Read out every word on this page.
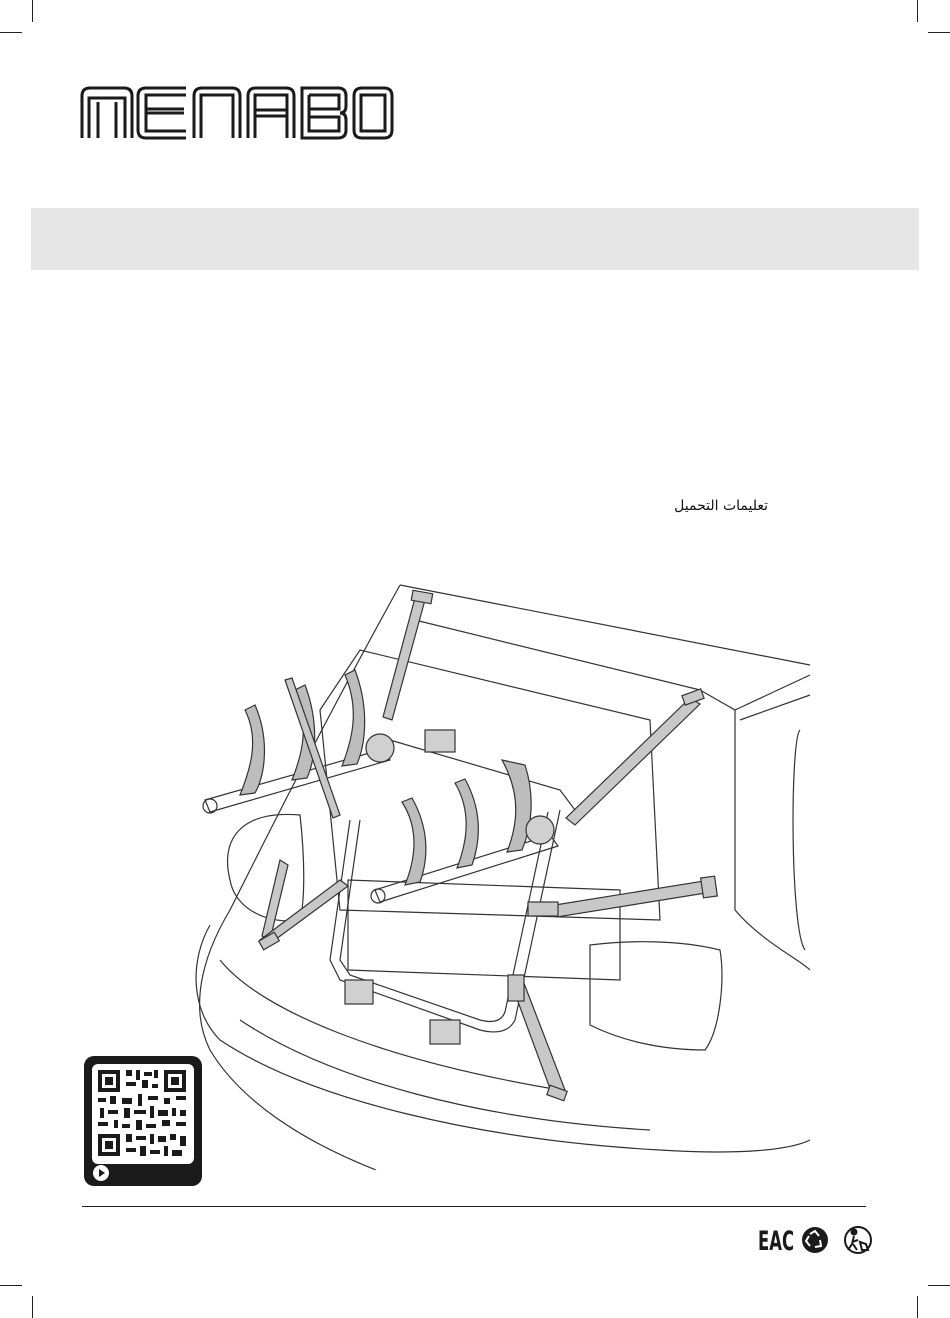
تعليمات التحميل
EAC
